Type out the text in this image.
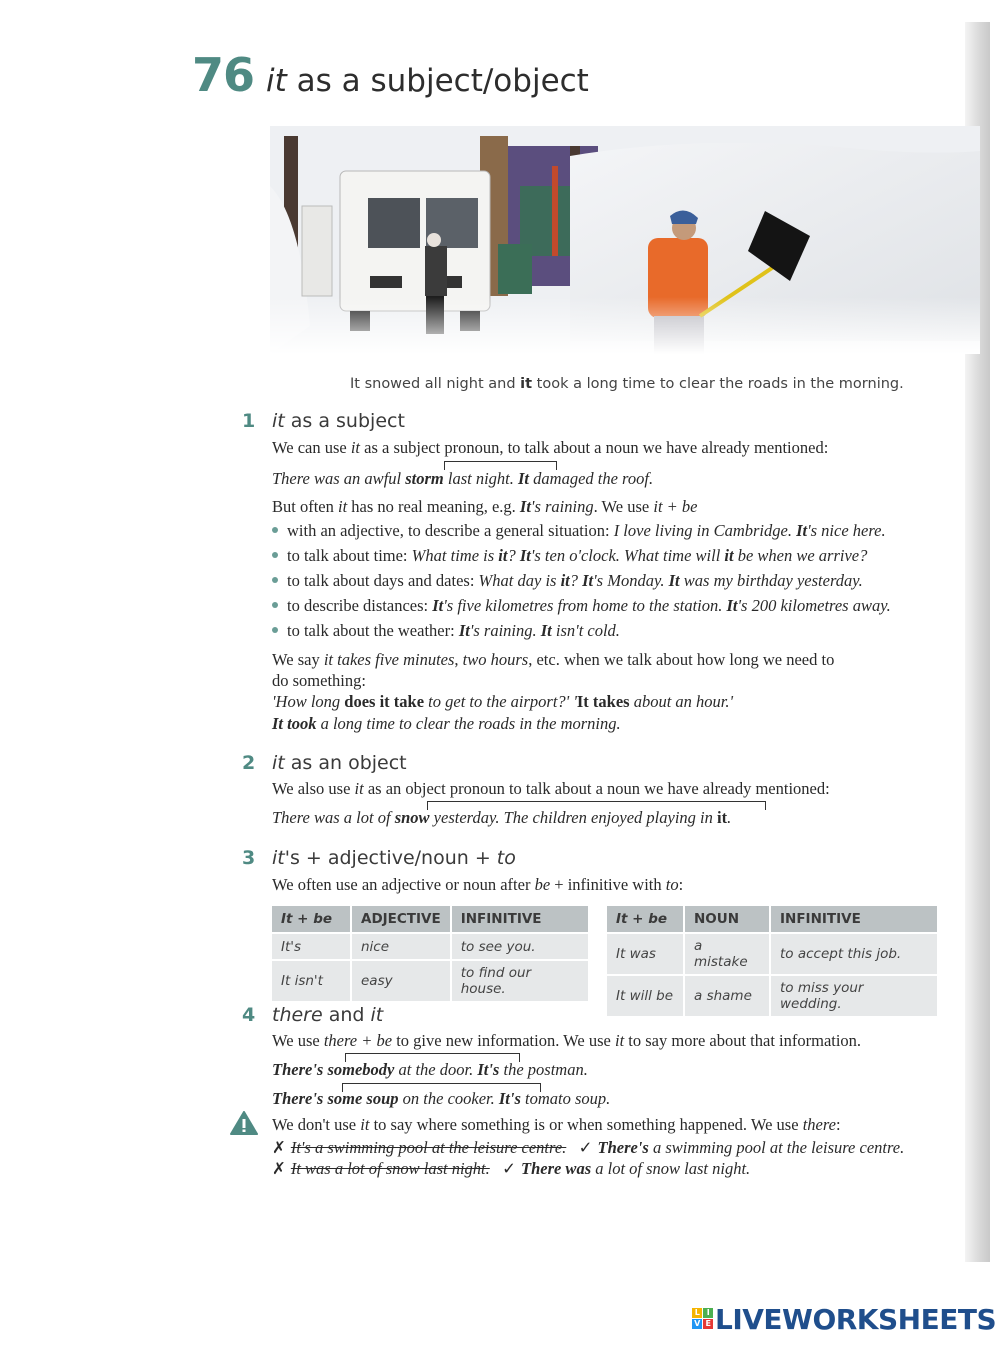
76 it as a subject/object
It snowed all night and it took a long time to clear the roads in the morning.
1 it as a subject
We can use it as a subject pronoun, to talk about a noun we have already mentioned:
There was an awful storm last night. It damaged the roof.
But often it has no real meaning, e.g. It's raining. We use it + be
with an adjective, to describe a general situation: I love living in Cambridge. It's nice here.
to talk about time: What time is it? It's ten o'clock. What time will it be when we arrive?
to talk about days and dates: What day is it? It's Monday. It was my birthday yesterday.
to describe distances: It's five kilometres from home to the station. It's 200 kilometres away.
to talk about the weather: It's raining. It isn't cold.
We say it takes five minutes, two hours, etc. when we talk about how long we need to
do something:
'How long does it take to get to the airport?' 'It takes about an hour.'
It took a long time to clear the roads in the morning.
2 it as an object
We also use it as an object pronoun to talk about a noun we have already mentioned:
There was a lot of snow yesterday. The children enjoyed playing in it.
3 it's + adjective/noun + to
We often use an adjective or noun after be + infinitive with to:
It + be	ADJECTIVE	INFINITIVE
It's	nice	to see you.
It isn't	easy	to find our house.
It + be	NOUN	INFINITIVE
It was	a mistake	to accept this job.
It will be	a shame	to miss your wedding.
4 there and it
We use there + be to give new information. We use it to say more about that information.
There's somebody at the door. It's the postman.
There's some soup on the cooker. It's tomato soup.
We don't use it to say where something is or when something happened. We use there:
✗ It's a swimming pool at the leisure centre. ✓ There's a swimming pool at the leisure centre.
✗ It was a lot of snow last night. ✓ There was a lot of snow last night.
L I
V E LIVEWORKSHEETS
